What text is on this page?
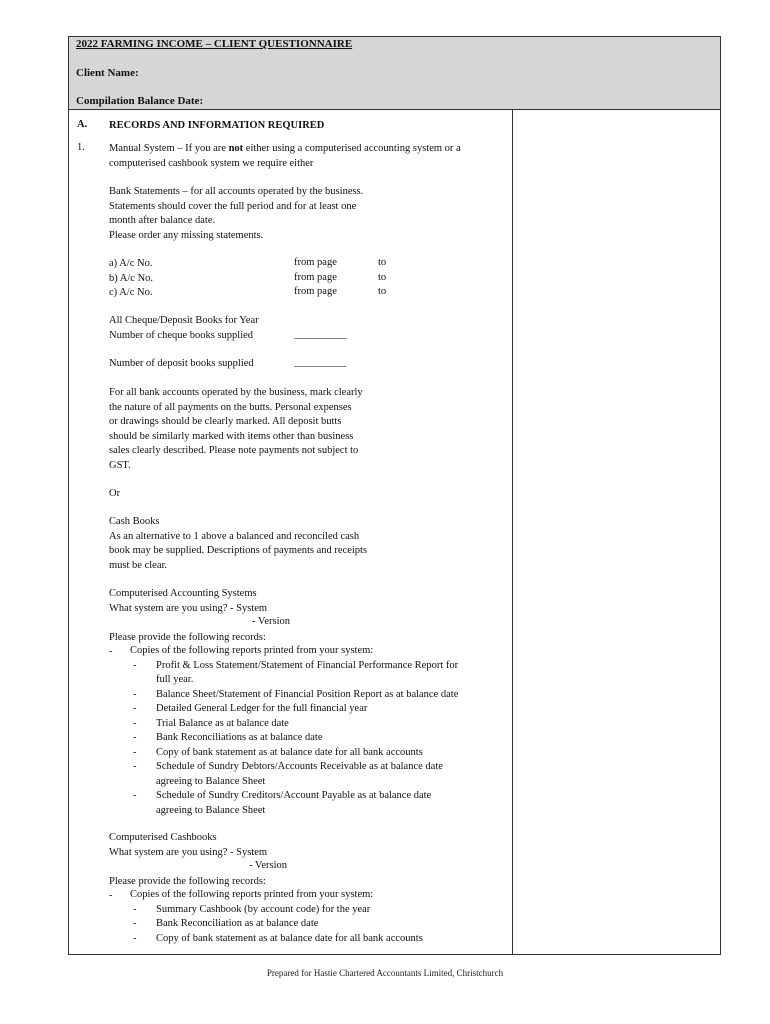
2022 FARMING INCOME – CLIENT QUESTIONNAIRE
Client Name:
Compilation Balance Date:
A. RECORDS AND INFORMATION REQUIRED
1. Manual System – If you are not either using a computerised accounting system or a
computerised cashbook system we require either
Bank Statements – for all accounts operated by the business.
Statements should cover the full period and for at least one
month after balance date.
Please order any missing statements.
a) A/c No.	from page	to
b) A/c No.	from page	to
c) A/c No.	from page	to
All Cheque/Deposit Books for Year
Number of cheque books supplied	__________
Number of deposit books supplied	__________
For all bank accounts operated by the business, mark clearly
the nature of all payments on the butts. Personal expenses
or drawings should be clearly marked. All deposit butts
should be similarly marked with items other than business
sales clearly described. Please note payments not subject to
GST.
Or
Cash Books
As an alternative to 1 above a balanced and reconciled cash
book may be supplied. Descriptions of payments and receipts
must be clear.
Computerised Accounting Systems
What system are you using? - System
- Version
Please provide the following records:
- Copies of the following reports printed from your system:
- Profit & Loss Statement/Statement of Financial Performance Report for
full year.
- Balance Sheet/Statement of Financial Position Report as at balance date
- Detailed General Ledger for the full financial year
- Trial Balance as at balance date
- Bank Reconciliations as at balance date
- Copy of bank statement as at balance date for all bank accounts
- Schedule of Sundry Debtors/Accounts Receivable as at balance date
agreeing to Balance Sheet
- Schedule of Sundry Creditors/Account Payable as at balance date
agreeing to Balance Sheet
Computerised Cashbooks
What system are you using? - System
- Version
Please provide the following records:
- Copies of the following reports printed from your system:
- Summary Cashbook (by account code) for the year
- Bank Reconciliation as at balance date
- Copy of bank statement as at balance date for all bank accounts
Prepared for Hastie Chartered Accountants Limited, Christchurch
